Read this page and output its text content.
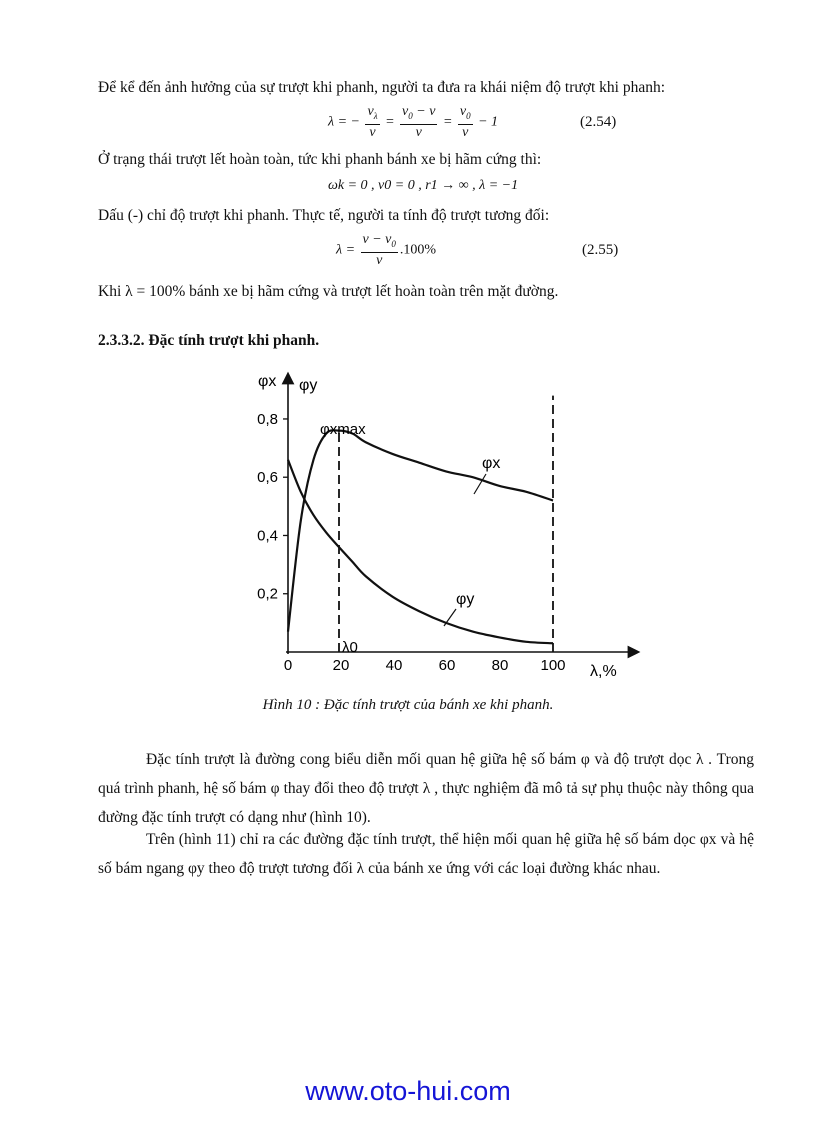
Để kể đến ảnh hưởng của sự trượt khi phanh, người ta đưa ra khái niệm độ trượt khi phanh:
λ = − $\frac{v_\lambda}{v} = \frac{v_0 - v}{v} = \frac{v_0}{v} - 1$	(2.54)
Ở trạng thái trượt lết hoàn toàn, tức khi phanh bánh xe bị hãm cứng thì:
ωk = 0 , v0 = 0 , r1 → ∞ , λ = −1
Dấu (-) chỉ độ trượt khi phanh. Thực tế, người ta tính độ trượt tương đối:
$\lambda = \frac{v - v_0}{v} .100\%$	(2.55)
Khi λ = 100% bánh xe bị hãm cứng và trượt lết hoàn toàn trên mặt đường.
2.3.3.2. Đặc tính trượt khi phanh.
0	20 40 60 80 100
0,2
0,4
0,6
0,8
φx φy
λ,%
φxmax
λ0
φx
φy
Hình 10 : Đặc tính trượt của bánh xe khi phanh.
Đặc tính trượt là đường cong biểu diễn mối quan hệ giữa hệ số bám φ và độ trượt dọc λ . Trong quá trình phanh, hệ số bám φ thay đổi theo độ trượt λ , thực nghiệm đã mô tả sự phụ thuộc này thông qua đường đặc tính trượt có dạng như (hình 10).
Trên (hình 11) chỉ ra các đường đặc tính trượt, thể hiện mối quan hệ giữa hệ số bám dọc φx và hệ số bám ngang φy theo độ trượt tương đối λ của bánh xe ứng với các loại đường khác nhau.
www.oto-hui.com
